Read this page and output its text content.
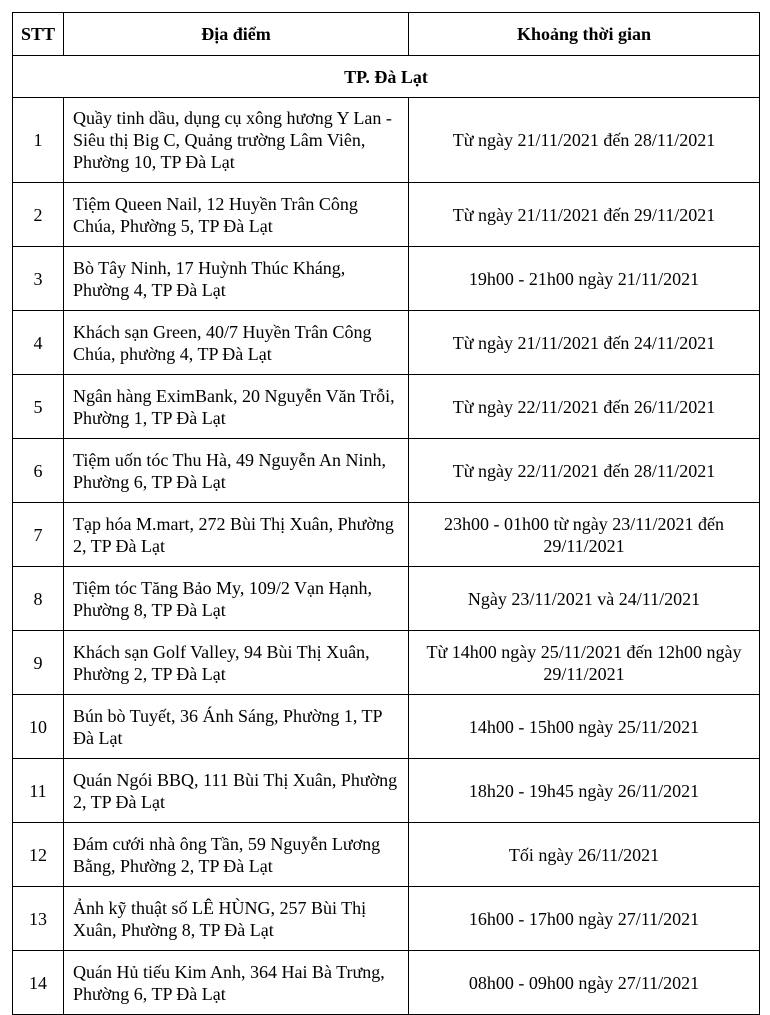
STT	Địa điểm	Khoảng thời gian
TP. Đà Lạt		
1	Quầy tinh dầu, dụng cụ xông hương Y Lan - Siêu thị Big C, Quảng trường Lâm Viên, Phường 10, TP Đà Lạt	Từ ngày 21/11/2021 đến 28/11/2021
2	Tiệm Queen Nail, 12 Huyền Trân Công Chúa, Phường 5, TP Đà Lạt	Từ ngày 21/11/2021 đến 29/11/2021
3	Bò Tây Ninh, 17 Huỳnh Thúc Kháng, Phường 4, TP Đà Lạt	19h00 - 21h00 ngày 21/11/2021
4	Khách sạn Green, 40/7 Huyền Trân Công Chúa, phường 4, TP Đà Lạt	Từ ngày 21/11/2021 đến 24/11/2021
5	Ngân hàng EximBank, 20 Nguyễn Văn Trỗi, Phường 1, TP Đà Lạt	Từ ngày 22/11/2021 đến 26/11/2021
6	Tiệm uốn tóc Thu Hà, 49 Nguyễn An Ninh, Phường 6, TP Đà Lạt	Từ ngày 22/11/2021 đến 28/11/2021
7	Tạp hóa M.mart, 272 Bùi Thị Xuân, Phường 2, TP Đà Lạt	23h00 - 01h00 từ ngày 23/11/2021 đến 29/11/2021
8	Tiệm tóc Tăng Bảo My, 109/2 Vạn Hạnh, Phường 8, TP Đà Lạt	Ngày 23/11/2021 và 24/11/2021
9	Khách sạn Golf Valley, 94 Bùi Thị Xuân, Phường 2, TP Đà Lạt	Từ 14h00 ngày 25/11/2021 đến 12h00 ngày 29/11/2021
10	Bún bò Tuyết, 36 Ánh Sáng, Phường 1, TP Đà Lạt	14h00 - 15h00 ngày 25/11/2021
11	Quán Ngói BBQ, 111 Bùi Thị Xuân, Phường 2, TP Đà Lạt	18h20 - 19h45 ngày 26/11/2021
12	Đám cưới nhà ông Tần, 59 Nguyễn Lương Bằng, Phường 2, TP Đà Lạt	Tối ngày 26/11/2021
13	Ảnh kỹ thuật số LÊ HÙNG, 257 Bùi Thị Xuân, Phường 8, TP Đà Lạt	16h00 - 17h00 ngày 27/11/2021
14	Quán Hủ tiếu Kim Anh, 364 Hai Bà Trưng, Phường 6, TP Đà Lạt	08h00 - 09h00 ngày 27/11/2021
